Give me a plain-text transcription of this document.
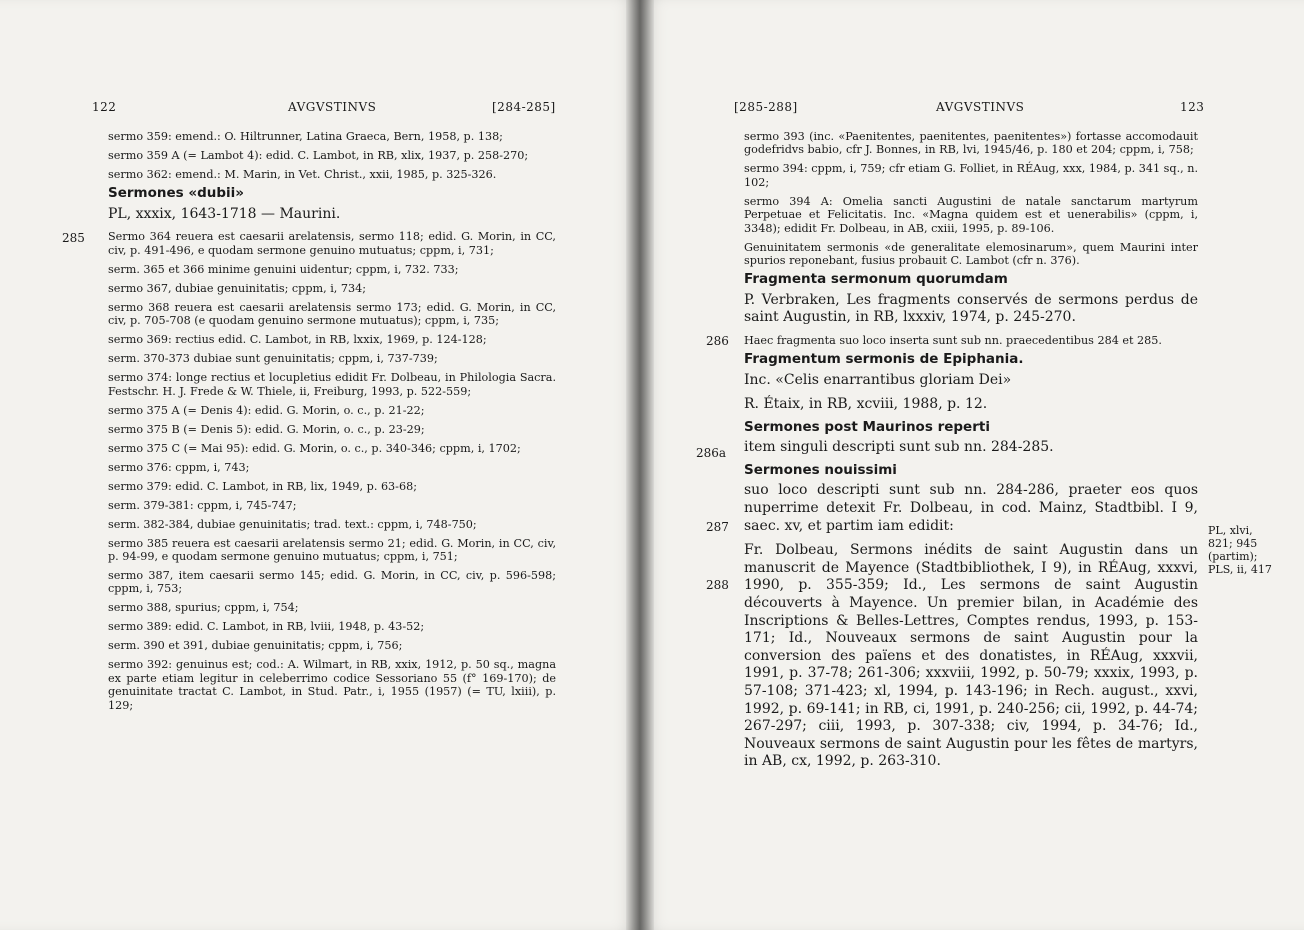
122	AVGVSTINVS	[284-285]

sermo 359: emend.: O. Hiltrunner, Latina Graeca, Bern, 1958, p. 138;

sermo 359 A (= Lambot 4): edid. C. Lambot, in RB, xlix, 1937, p. 258-270;

sermo 362: emend.: M. Marin, in Vet. Christ., xxii, 1985, p. 325-326.

Sermones «dubii»

PL, xxxix, 1643-1718 — Maurini.

Sermo 364 reuera est caesarii arelatensis, sermo 118; edid. G. Morin, in CC, civ, p. 491-496, e quodam sermone genuino mutuatus; cppm, i, 731;

serm. 365 et 366 minime genuini uidentur; cppm, i, 732. 733;

sermo 367, dubiae genuinitatis; cppm, i, 734;

sermo 368 reuera est caesarii arelatensis sermo 173; edid. G. Morin, in CC, civ, p. 705-708 (e quodam genuino sermone mutuatus); cppm, i, 735;

sermo 369: rectius edid. C. Lambot, in RB, lxxix, 1969, p. 124-128;

serm. 370-373 dubiae sunt genuinitatis; cppm, i, 737-739;

sermo 374: longe rectius et locupletius edidit Fr. Dolbeau, in Philologia Sacra. Festschr. H. J. Frede & W. Thiele, ii, Freiburg, 1993, p. 522-559;

sermo 375 A (= Denis 4): edid. G. Morin, o. c., p. 21-22;

sermo 375 B (= Denis 5): edid. G. Morin, o. c., p. 23-29;

sermo 375 C (= Mai 95): edid. G. Morin, o. c., p. 340-346; cppm, i, 1702;

sermo 376: cppm, i, 743;

sermo 379: edid. C. Lambot, in RB, lix, 1949, p. 63-68;

serm. 379-381: cppm, i, 745-747;

serm. 382-384, dubiae genuinitatis; trad. text.: cppm, i, 748-750;

sermo 385 reuera est caesarii arelatensis sermo 21; edid. G. Morin, in CC, civ, p. 94-99, e quodam sermone genuino mutuatus; cppm, i, 751;

sermo 387, item caesarii sermo 145; edid. G. Morin, in CC, civ, p. 596-598; cppm, i, 753;

sermo 388, spurius; cppm, i, 754;

sermo 389: edid. C. Lambot, in RB, lviii, 1948, p. 43-52;

serm. 390 et 391, dubiae genuinitatis; cppm, i, 756;

sermo 392: genuinus est; cod.: A. Wilmart, in RB, xxix, 1912, p. 50 sq., magna ex parte etiam legitur in celeberrimo codice Sessoriano 55 (f° 169-170); de genuinitate tractat C. Lambot, in Stud. Patr., i, 1955 (1957) (= TU, lxiii), p. 129;

285
[285-288]	AVGVSTINVS	123

sermo 393 (inc. «Paenitentes, paenitentes, paenitentes») fortasse accomodauit godefridvs babio, cfr J. Bonnes, in RB, lvi, 1945/46, p. 180 et 204; cppm, i, 758;

sermo 394: cppm, i, 759; cfr etiam G. Folliet, in RÉAug, xxx, 1984, p. 341 sq., n. 102;

sermo 394 A: Omelia sancti Augustini de natale sanctarum martyrum Perpetuae et Felicitatis. Inc. «Magna quidem est et uenerabilis» (cppm, i, 3348); edidit Fr. Dolbeau, in AB, cxiii, 1995, p. 89-106.

Genuinitatem sermonis «de generalitate elemosinarum», quem Maurini inter spurios reponebant, fusius probauit C. Lambot (cfr n. 376).

Fragmenta sermonum quorumdam

P. Verbraken, Les fragments conservés de sermons perdus de saint Augustin, in RB, lxxxiv, 1974, p. 245-270.

Haec fragmenta suo loco inserta sunt sub nn. praecedentibus 284 et 285.

Fragmentum sermonis de Epiphania.

Inc. «Celis enarrantibus gloriam Dei»

R. Étaix, in RB, xcviii, 1988, p. 12.

Sermones post Maurinos reperti

item singuli descripti sunt sub nn. 284-285.

Sermones nouissimi

suo loco descripti sunt sub nn. 284-286, praeter eos quos nuperrime detexit Fr. Dolbeau, in cod. Mainz, Stadtbibl. I 9, saec. xv, et partim iam edidit:

Fr. Dolbeau, Sermons inédits de saint Augustin dans un manuscrit de Mayence (Stadtbibliothek, I 9), in RÉAug, xxxvi, 1990, p. 355-359; Id., Les sermons de saint Augustin découverts à Mayence. Un premier bilan, in Académie des Inscriptions & Belles-Lettres, Comptes rendus, 1993, p. 153-171; Id., Nouveaux sermons de saint Augustin pour la conversion des païens et des donatistes, in RÉAug, xxxvii, 1991, p. 37-78; 261-306; xxxviii, 1992, p. 50-79; xxxix, 1993, p. 57-108; 371-423; xl, 1994, p. 143-196; in Rech. august., xxvi, 1992, p. 69-141; in RB, ci, 1991, p. 240-256; cii, 1992, p. 44-74; 267-297; ciii, 1993, p. 307-338; civ, 1994, p. 34-76; Id., Nouveaux sermons de saint Augustin pour les fêtes de martyrs, in AB, cx, 1992, p. 263-310.

286
286a
287
288
PL, xlvi,
821; 945
(partim);
PLS, ii, 417
